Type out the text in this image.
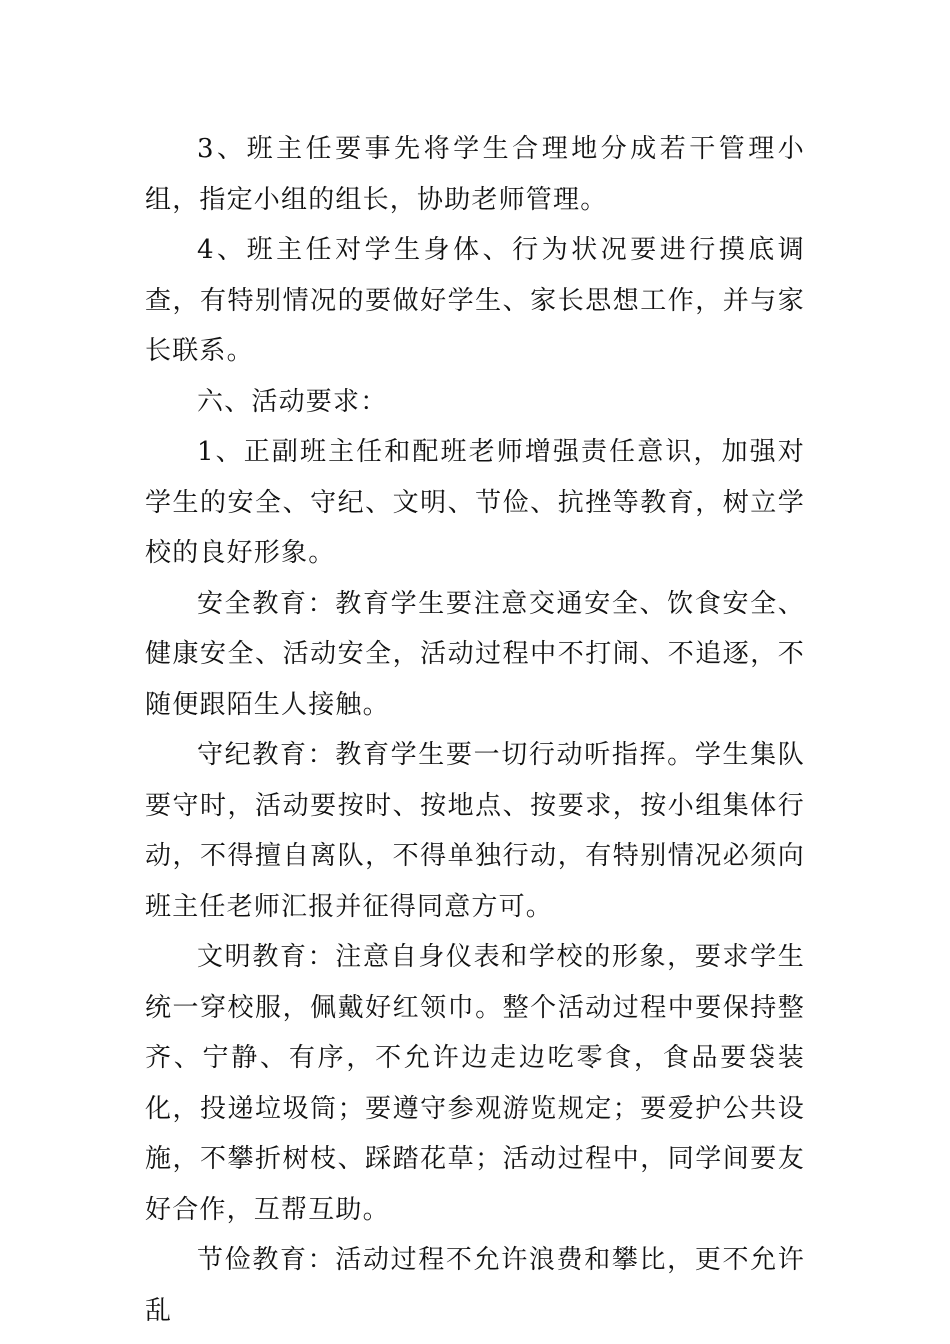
3、班主任要事先将学生合理地分成若干管理小组，指定小组的组长，协助老师管理。

4、班主任对学生身体、行为状况要进行摸底调查，有特别情况的要做好学生、家长思想工作，并与家长联系。

六、活动要求：

1、正副班主任和配班老师增强责任意识，加强对学生的安全、守纪、文明、节俭、抗挫等教育，树立学校的良好形象。

安全教育：教育学生要注意交通安全、饮食安全、健康安全、活动安全，活动过程中不打闹、不追逐，不随便跟陌生人接触。

守纪教育：教育学生要一切行动听指挥。学生集队要守时，活动要按时、按地点、按要求，按小组集体行动，不得擅自离队，不得单独行动，有特别情况必须向班主任老师汇报并征得同意方可。

文明教育：注意自身仪表和学校的形象，要求学生统一穿校服，佩戴好红领巾。整个活动过程中要保持整齐、宁静、有序，不允许边走边吃零食，食品要袋装化，投递垃圾筒；要遵守参观游览规定；要爱护公共设施，不攀折树枝、踩踏花草；活动过程中，同学间要友好合作，互帮互助。

节俭教育：活动过程不允许浪费和攀比，更不允许乱
